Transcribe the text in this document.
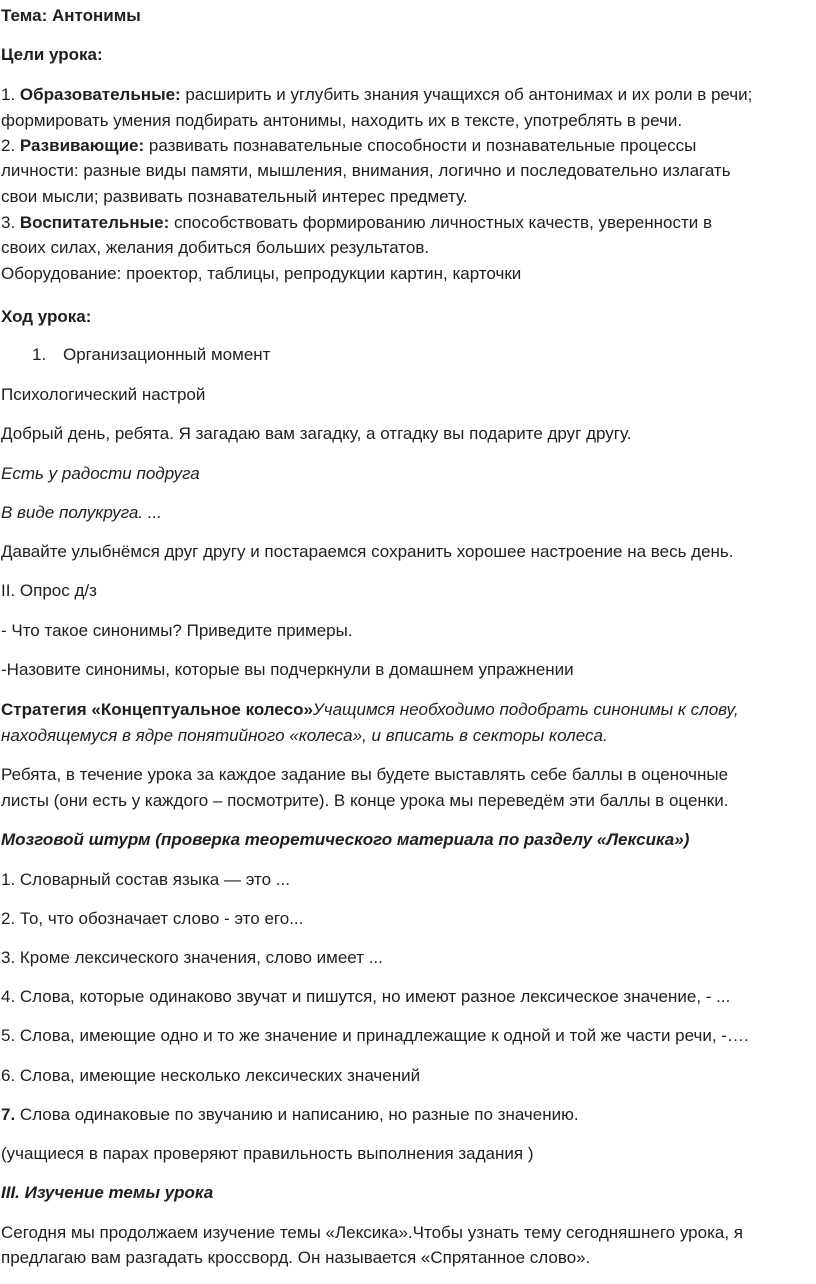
Тема: Антонимы
Цели урока:
1. Образовательные: расширить и углубить знания учащихся об антонимах и их роли в речи;
формировать умения подбирать антонимы, находить их в тексте, употреблять в речи.
2. Развивающие: развивать познавательные способности и познавательные процессы
личности: разные виды памяти, мышления, внимания, логично и последовательно излагать
свои мысли; развивать познавательный интерес предмету.
3. Воспитательные: способствовать формированию личностных качеств, уверенности в
своих силах, желания добиться больших результатов.
Оборудование: проектор, таблицы, репродукции картин, карточки
Ход урока:
1. Организационный момент
Психологический настрой
Добрый день, ребята. Я загадаю вам загадку, а отгадку вы подарите друг другу.
Есть у радости подруга
В виде полукруга. ...
Давайте улыбнёмся друг другу и постараемся сохранить хорошее настроение на весь день.
II. Опрос д/з
- Что такое синонимы? Приведите примеры.
-Назовите синонимы, которые вы подчеркнули в домашнем упражнении
Стратегия «Концептуальное колесо»Учащимся необходимо подобрать синонимы к слову,
находящемуся в ядре понятийного «колеса», и вписать в секторы колеса.
Ребята, в течение урока за каждое задание вы будете выставлять себе баллы в оценочные
листы (они есть у каждого – посмотрите). В конце урока мы переведём эти баллы в оценки.
Мозговой штурм (проверка теоретического материала по разделу «Лексика»)
1. Словарный состав языка — это ...
2. То, что обозначает слово - это его...
3. Кроме лексического значения, слово имеет ...
4. Слова, которые одинаково звучат и пишутся, но имеют разное лексическое значение, - ...
5. Слова, имеющие одно и то же значение и принадлежащие к одной и той же части речи, -….
6. Слова, имеющие несколько лексических значений
7. Слова одинаковые по звучанию и написанию, но разные по значению.
(учащиеся в парах проверяют правильность выполнения задания )
III. Изучение темы урока
Сегодня мы продолжаем изучение темы «Лексика».Чтобы узнать тему сегодняшнего урока, я
предлагаю вам разгадать кроссворд. Он называется «Спрятанное слово».
